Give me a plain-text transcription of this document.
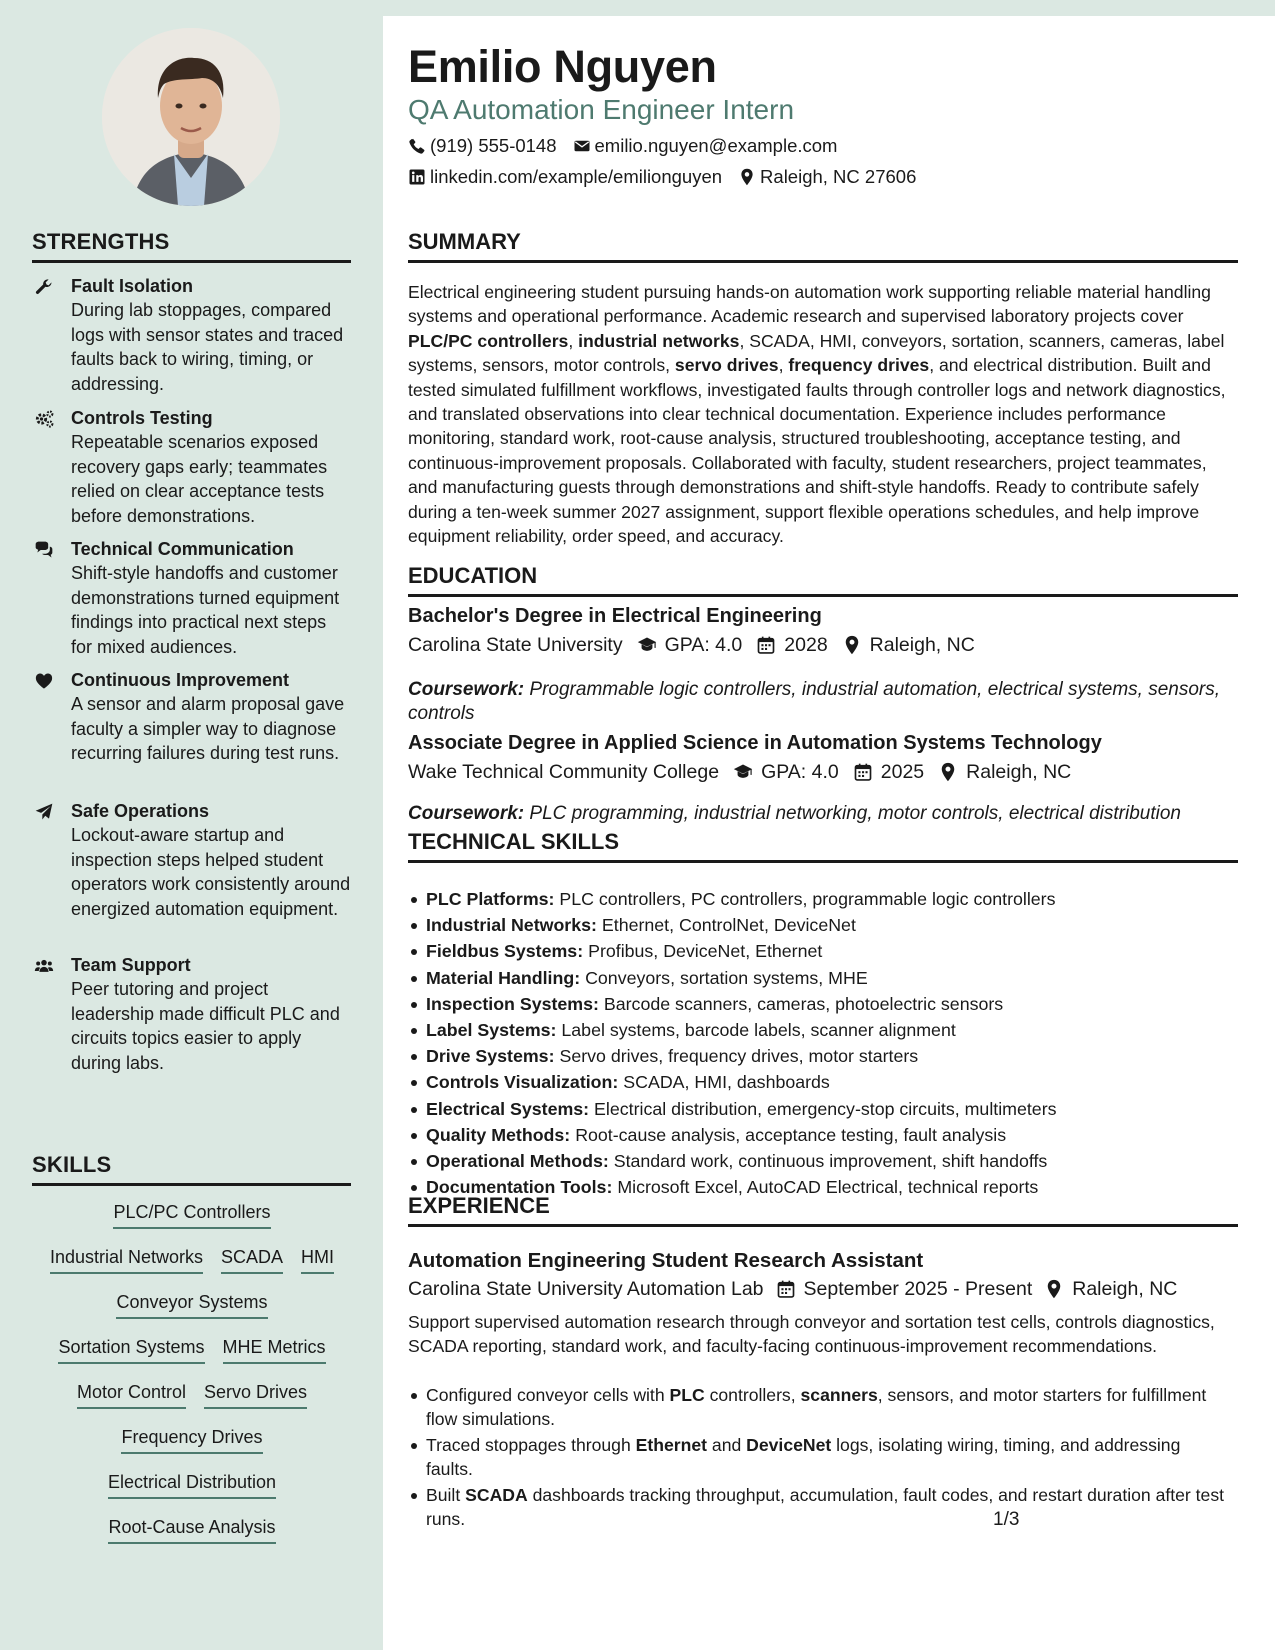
STRENGTHS
Fault Isolation
During lab stoppages, compared logs with sensor states and traced faults back to wiring, timing, or addressing.
Controls Testing
Repeatable scenarios exposed recovery gaps early; teammates relied on clear acceptance tests before demonstrations.
Technical Communication
Shift-style handoffs and customer demonstrations turned equipment findings into practical next steps for mixed audiences.
Continuous Improvement
A sensor and alarm proposal gave faculty a simpler way to diagnose recurring failures during test runs.
Safe Operations
Lockout-aware startup and inspection steps helped student operators work consistently around energized automation equipment.
Team Support
Peer tutoring and project leadership made difficult PLC and circuits topics easier to apply during labs.
SKILLS
PLC/PC Controllers
Industrial Networks SCADA HMI
Conveyor Systems
Sortation Systems MHE Metrics
Motor Control Servo Drives
Frequency Drives
Electrical Distribution
Root-Cause Analysis
Emilio Nguyen
QA Automation Engineer Intern
(919) 555-0148 emilio.nguyen@example.com
linkedin.com/example/emilionguyen Raleigh, NC 27606
SUMMARY
Electrical engineering student pursuing hands-on automation work supporting reliable material handling systems and operational performance. Academic research and supervised laboratory projects cover PLC/PC controllers, industrial networks, SCADA, HMI, conveyors, sortation, scanners, cameras, label systems, sensors, motor controls, servo drives, frequency drives, and electrical distribution. Built and tested simulated fulfillment workflows, investigated faults through controller logs and network diagnostics, and translated observations into clear technical documentation. Experience includes performance monitoring, standard work, root-cause analysis, structured troubleshooting, acceptance testing, and continuous-improvement proposals. Collaborated with faculty, student researchers, project teammates, and manufacturing guests through demonstrations and shift-style handoffs. Ready to contribute safely during a ten-week summer 2027 assignment, support flexible operations schedules, and help improve equipment reliability, order speed, and accuracy.
EDUCATION
Bachelor's Degree in Electrical Engineering
Carolina State University GPA: 4.0 2028 Raleigh, NC
Coursework: Programmable logic controllers, industrial automation, electrical systems, sensors, controls
Associate Degree in Applied Science in Automation Systems Technology
Wake Technical Community College GPA: 4.0 2025 Raleigh, NC
Coursework: PLC programming, industrial networking, motor controls, electrical distribution
TECHNICAL SKILLS
PLC Platforms: PLC controllers, PC controllers, programmable logic controllers
Industrial Networks: Ethernet, ControlNet, DeviceNet
Fieldbus Systems: Profibus, DeviceNet, Ethernet
Material Handling: Conveyors, sortation systems, MHE
Inspection Systems: Barcode scanners, cameras, photoelectric sensors
Label Systems: Label systems, barcode labels, scanner alignment
Drive Systems: Servo drives, frequency drives, motor starters
Controls Visualization: SCADA, HMI, dashboards
Electrical Systems: Electrical distribution, emergency-stop circuits, multimeters
Quality Methods: Root-cause analysis, acceptance testing, fault analysis
Operational Methods: Standard work, continuous improvement, shift handoffs
Documentation Tools: Microsoft Excel, AutoCAD Electrical, technical reports
EXPERIENCE
Automation Engineering Student Research Assistant
Carolina State University Automation Lab September 2025 - Present Raleigh, NC
Support supervised automation research through conveyor and sortation test cells, controls diagnostics, SCADA reporting, standard work, and faculty-facing continuous-improvement recommendations.
Configured conveyor cells with PLC controllers, scanners, sensors, and motor starters for fulfillment flow simulations.
Traced stoppages through Ethernet and DeviceNet logs, isolating wiring, timing, and addressing faults.
Built SCADA dashboards tracking throughput, accumulation, fault codes, and restart duration after test runs.	1/3
